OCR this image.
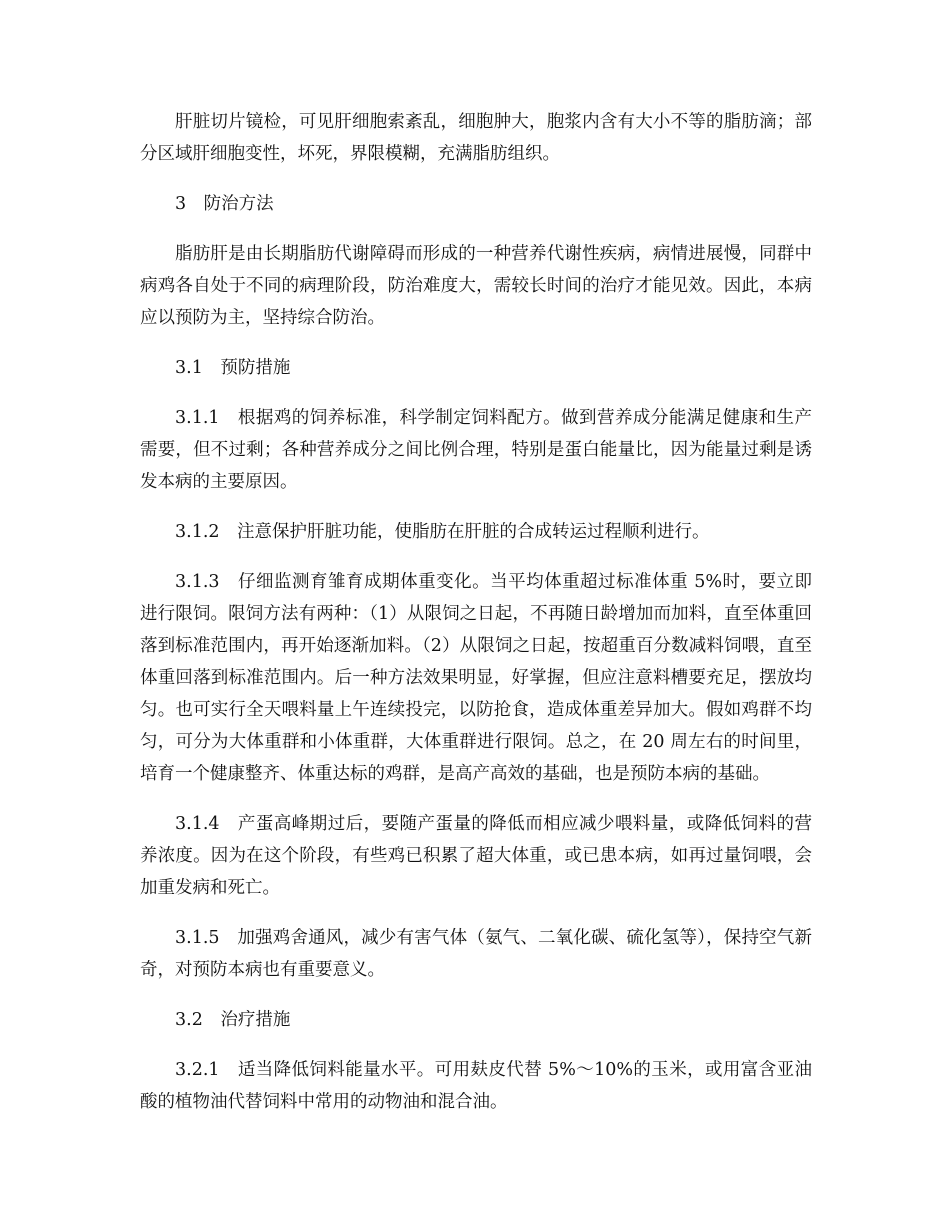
肝脏切片镜检，可见肝细胞索紊乱，细胞肿大，胞浆内含有大小不等的脂肪滴；部分区域肝细胞变性，坏死，界限模糊，充满脂肪组织。

3　防治方法

脂肪肝是由长期脂肪代谢障碍而形成的一种营养代谢性疾病，病情进展慢，同群中病鸡各自处于不同的病理阶段，防治难度大，需较长时间的治疗才能见效。因此，本病应以预防为主，坚持综合防治。

3.1　预防措施

3.1.1　根据鸡的饲养标准，科学制定饲料配方。做到营养成分能满足健康和生产需要，但不过剩；各种营养成分之间比例合理，特别是蛋白能量比，因为能量过剩是诱发本病的主要原因。

3.1.2　注意保护肝脏功能，使脂肪在肝脏的合成转运过程顺利进行。

3.1.3　仔细监测育雏育成期体重变化。当平均体重超过标准体重 5%时，要立即进行限饲。限饲方法有两种：（1）从限饲之日起，不再随日龄增加而加料，直至体重回落到标准范围内，再开始逐渐加料。（2）从限饲之日起，按超重百分数减料饲喂，直至体重回落到标准范围内。后一种方法效果明显，好掌握，但应注意料槽要充足，摆放均匀。也可实行全天喂料量上午连续投完，以防抢食，造成体重差异加大。假如鸡群不均匀，可分为大体重群和小体重群，大体重群进行限饲。总之，在 20 周左右的时间里，培育一个健康整齐、体重达标的鸡群，是高产高效的基础，也是预防本病的基础。

3.1.4　产蛋高峰期过后，要随产蛋量的降低而相应减少喂料量，或降低饲料的营养浓度。因为在这个阶段，有些鸡已积累了超大体重，或已患本病，如再过量饲喂，会加重发病和死亡。

3.1.5　加强鸡舍通风，减少有害气体（氨气、二氧化碳、硫化氢等），保持空气新奇，对预防本病也有重要意义。

3.2　治疗措施

3.2.1　适当降低饲料能量水平。可用麸皮代替 5%～10%的玉米，或用富含亚油酸的植物油代替饲料中常用的动物油和混合油。
